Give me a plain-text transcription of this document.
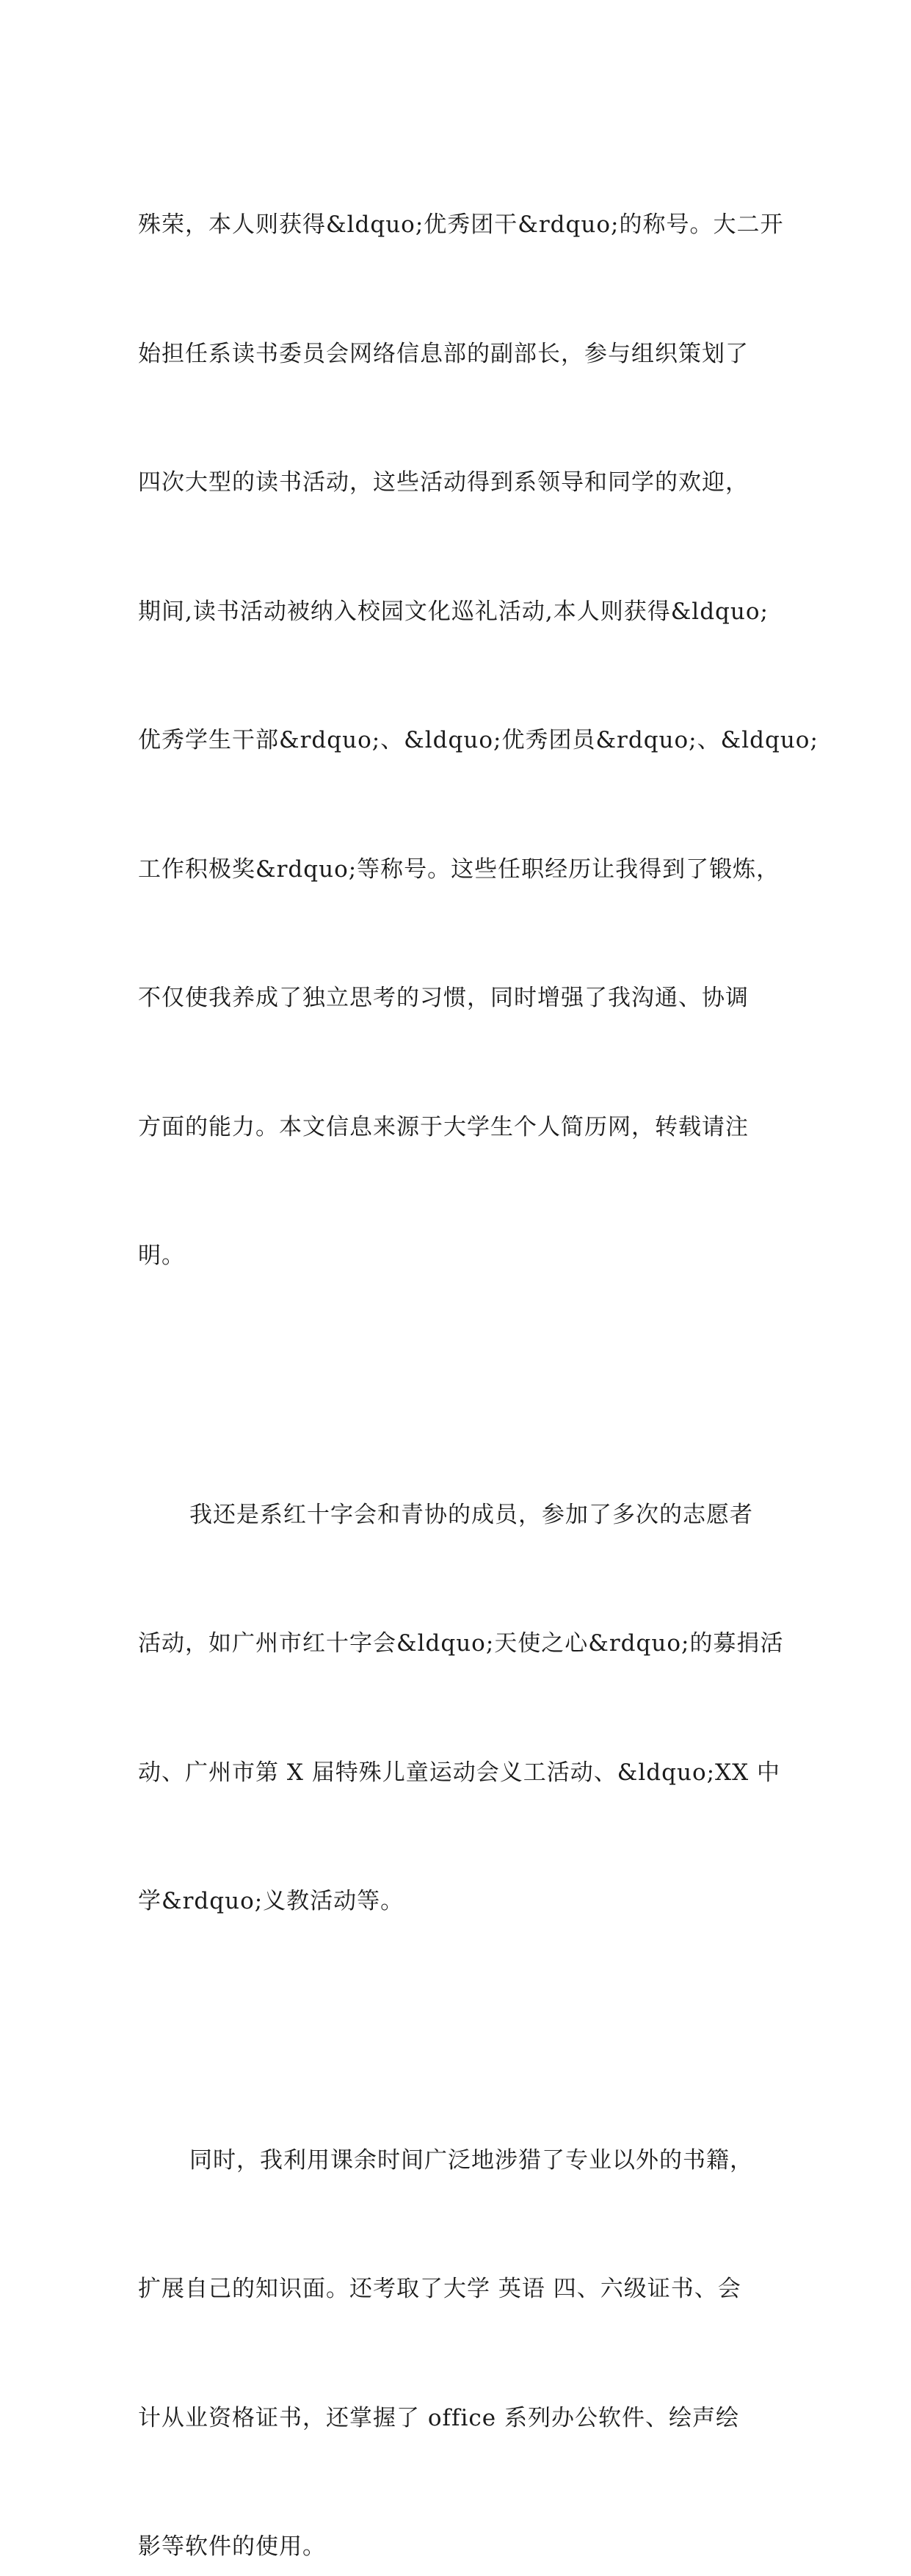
殊荣，本人则获得&ldquo;优秀团干&rdquo;的称号。大二开

始担任系读书委员会网络信息部的副部长，参与组织策划了

四次大型的读书活动，这些活动得到系领导和同学的欢迎，

期间,读书活动被纳入校园文化巡礼活动,本人则获得&ldquo;

优秀学生干部&rdquo;、&ldquo;优秀团员&rdquo;、&ldquo;

工作积极奖&rdquo;等称号。这些任职经历让我得到了锻炼，

不仅使我养成了独立思考的习惯，同时增强了我沟通、协调

方面的能力。本文信息来源于大学生个人简历网，转载请注

明。

我还是系红十字会和青协的成员，参加了多次的志愿者

活动，如广州市红十字会&ldquo;天使之心&rdquo;的募捐活

动、广州市第 X 届特殊儿童运动会义工活动、&ldquo;XX 中

学&rdquo;义教活动等。

同时，我利用课余时间广泛地涉猎了专业以外的书籍，

扩展自己的知识面。还考取了大学 英语 四、六级证书、会

计从业资格证书，还掌握了 office 系列办公软件、绘声绘

影等软件的使用。
